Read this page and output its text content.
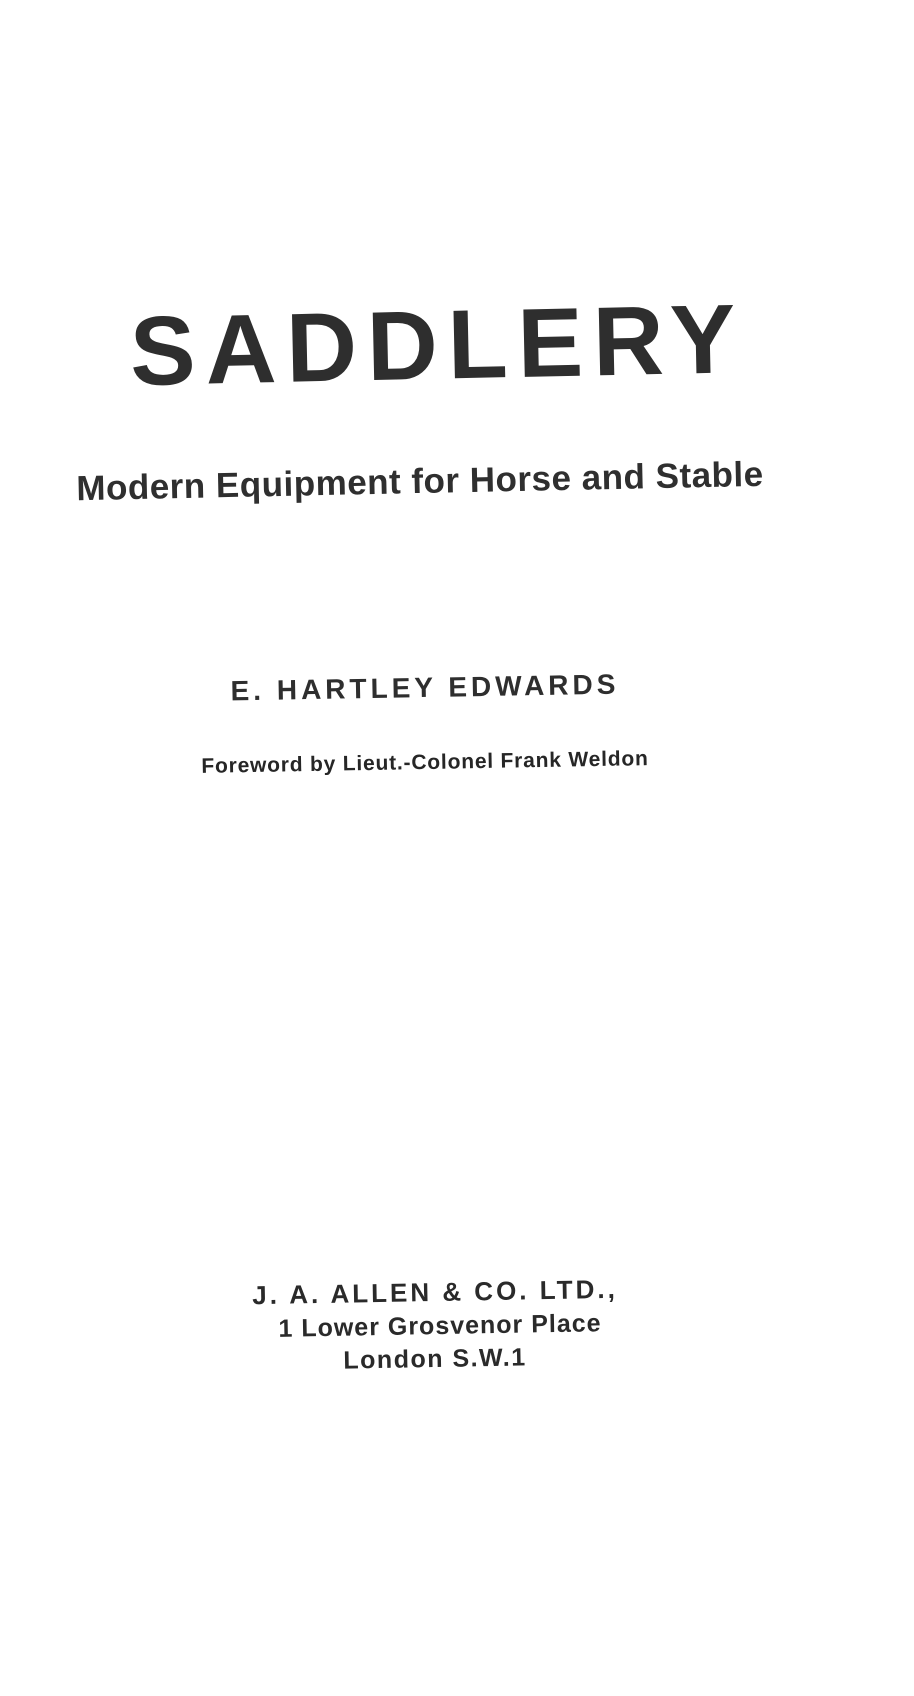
SADDLERY
Modern Equipment for Horse and Stable
E. HARTLEY EDWARDS
Foreword by Lieut.-Colonel Frank Weldon
J. A. ALLEN & CO. LTD.,
1 Lower Grosvenor Place
London S.W.1
